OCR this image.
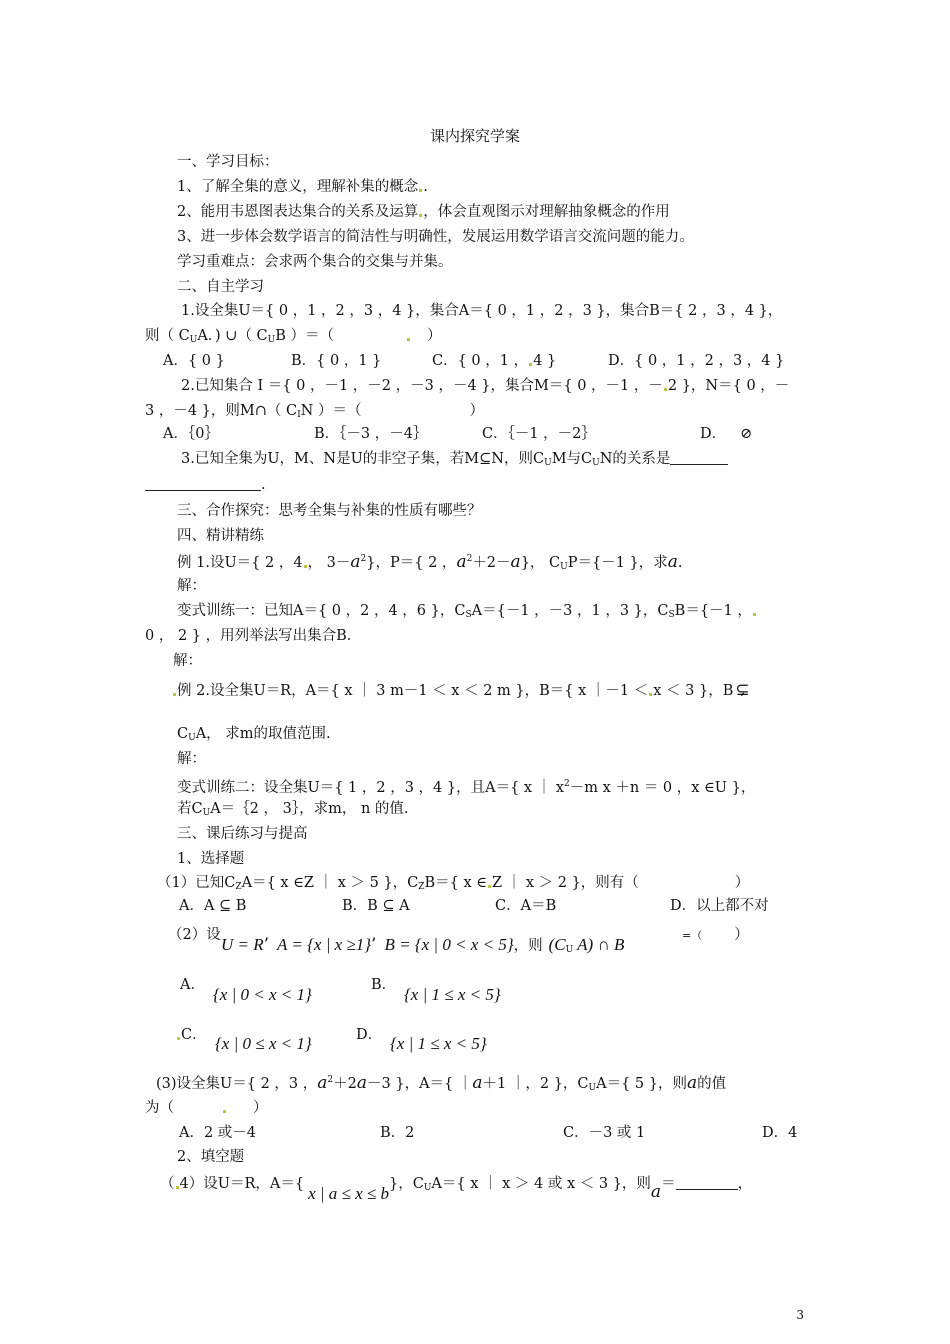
课内探究学案
一、学习目标：
1、了解全集的意义，理解补集的概念 .
2、能用韦恩图表达集合的关系及运算 ，体会直观图示对理解抽象概念的作用
3、进一步体会数学语言的简洁性与明确性，发展运用数学语言交流问题的能力。
学习重难点：会求两个集合的交集与并集。
二、自主学习
1.设全集U＝{ 0 ，1 ，2 ，3 ，4 }，集合A＝{ 0 ，1 ，2 ，3 }，集合B＝{ 2 ，3 ，4 }，
则（ $C_UA$．) ∪（ $C_UB$ ）＝（	）
A．{ 0 }	B．{ 0 ，1 }	C．{ 0 ，1 ， 4 }	D．{ 0 ，1 ，2 ，3 ，4 }
2.已知集合 I ＝{ 0 ，－1 ，－2 ，－3 ，－4 }，集合M＝{ 0 ，－1 ，－ 2 }，N＝{ 0 ，－
3 ，－4 }，则M∩（ $C_IN$ ）＝（	）
A．｛0｝	B．｛－3 ，－4｝	C．｛－1 ，－2｝	D． ⊘
3.已知全集为U，M、N是U的非空子集，若M⊆N，则$C_UM$与$C_UN$的关系是
.
三、合作探究：思考全集与补集的性质有哪些？
四、精讲精练
例 1.设U＝{ 2 ，4 ， $3-a^2$}，P＝{ 2 ，$a^2+2-a$}， $C_UP=\{-1$ }，求a.
解：
变式训练一：已知A＝{ 0 ，2 ，4 ，6 }，$C_SA=\{-1$ ，－3 ，1 ，3 }，$C_SB=\{-1$ ，
0 ， 2 } ，用列举法写出集合B．
解：
例 2.设全集U＝R，A＝{ x ｜ 3 m－1 ＜ x ＜ 2 m }，B＝{ x ｜－1 ＜ x ＜ 3 }，B ⊊
$C_UA$， 求m的取值范围.
解：
变式训练二：设全集U＝{ 1 ，2 ，3 ，4 }，且A＝{ x ｜ $x^2-m$ x ＋n ＝ 0 ，x ∈U }，
若$C_UA=\{2$ ， 3｝，求m， n 的值.
三、课后练习与提高
1、选择题
（1）已知$C_ZA=${ x ∈Z ｜ x ＞ 5 }，$C_ZB=${ x ∈ Z ｜ x ＞ 2 }，则有（	）
A．A ⊆ B	B．B ⊆ A	C．A＝B	D．以上都不对
（2）设 U = R’ A = {x | x ≥1}’ B = {x | 0 < x < 5}，则 ($C_U$ A) ∩ B	=（ ）
A． {x | 0 < x < 1}	B． {x | 1 ≤ x < 5}
C． {x | 0 ≤ x < 1}	D． {x | 1 ≤ x < 5}
(3)设全集U＝{ 2 ，3 ，$a^2+2a-3$ }，A＝{ ｜a＋1 ｜，2 }，$C_UA=${ 5 }，则a的值
为（	）
A．2 或－4	B．2	C．－3 或 1	D．4
2、填空题
（ 4）设U＝R，A＝{ x | a ≤ x ≤ b}，$C_UA=${ x ｜ x ＞ 4 或 x ＜ 3 }，则a＝	，
3
